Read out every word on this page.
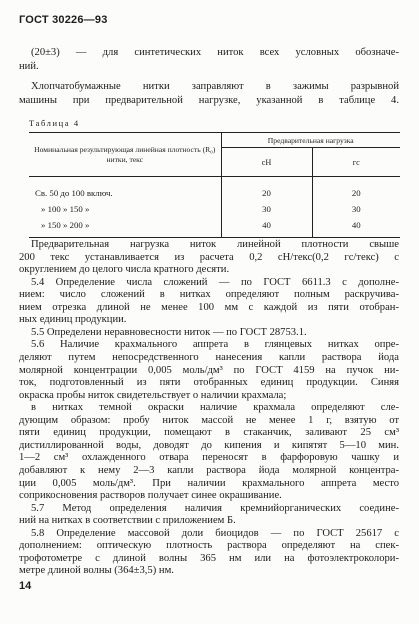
ГОСТ 30226—93
(20±3) — для синтетических ниток всех условных обозначе-
ний.
Хлопчатобумажные нитки заправляют в зажимы разрывной
машины при предварительной нагрузке, указанной в таблице 4.
Таблица 4
Номинальная результирующая линейная плотность (R₀) нитки, текс	Предварительная нагрузка	
	сН	гс
Св. 50 до 100 включ.	20	20
» 100 » 150 »	30	30
» 150 » 200 »	40	40
Предварительная нагрузка ниток линейной плотности свыше
200 текс устанавливается из расчета 0,2 сН/текс(0,2 гс/текс) с
округлением до целого числа кратного десяти.
5.4 Определение числа сложений — по ГОСТ 6611.3 с дополне-
нием: число сложений в нитках определяют полным раскручива-
нием отрезка длиной не менее 100 мм с каждой из пяти отобран-
ных единиц продукции.
5.5 Определени неравновесности ниток — по ГОСТ 28753.1.
5.6 Наличие крахмального аппрета в глянцевых нитках опре-
деляют путем непосредственного нанесения капли раствора йода
молярной концентрации 0,005 моль/дм³ по ГОСТ 4159 на пучок ни-
ток, подготовленный из пяти отобранных единиц продукции. Синяя
окраска пробы ниток свидетельствует о наличии крахмала;
в нитках темной окраски наличие крахмала определяют сле-
дующим образом: пробу ниток массой не менее 1 г, взятую от
пяти единиц продукции, помещают в стаканчик, заливают 25 см³
дистиллированной воды, доводят до кипения и кипятят 5—10 мин.
1—2 см³ охлажденного отвара переносят в фарфоровую чашку и
добавляют к нему 2—3 капли раствора йода молярной концентра-
ции 0,005 моль/дм³. При наличии крахмального аппрета место
соприкосновения растворов получает синее окрашивание.
5.7 Метод определения наличия кремнийорганических соедине-
ний на нитках в соответствии с приложением Б.
5.8 Определение массовой доли биоцидов — по ГОСТ 25617 с
дополнением: оптическую плотность раствора определяют на спек-
трофотометре с длиной волны 365 нм или на фотоэлектроколори-
метре длиной волны (364±3,5) нм.
14
